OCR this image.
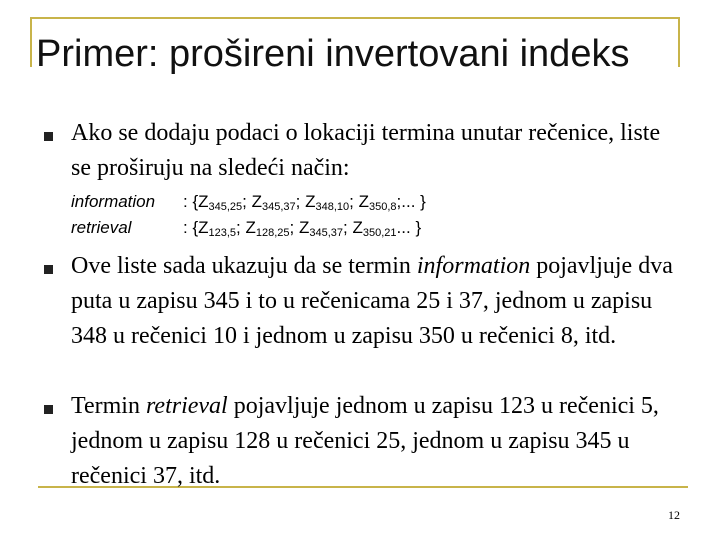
Primer: prošireni invertovani indeks

Ako se dodaju podaci o lokaciji termina unutar rečenice, liste se proširuju na sledeći način:

information	: {$Z_{345,25}$; $Z_{345,37}$; $Z_{348,10}$; $Z_{350,8}$;... }
retrieval	: {$Z_{123,5}$; $Z_{128,25}$; $Z_{345,37}$; $Z_{350,21}$... }

Ove liste sada ukazuju da se termin information pojavljuje dva puta u zapisu 345 i to u rečenicama 25 i 37, jednom u zapisu 348 u rečenici 10 i jednom u zapisu 350 u rečenici 8, itd.

Termin retrieval pojavljuje jednom u zapisu 123 u rečenici 5, jednom u zapisu 128 u rečenici 25, jednom u zapisu 345 u rečenici 37, itd.

12
